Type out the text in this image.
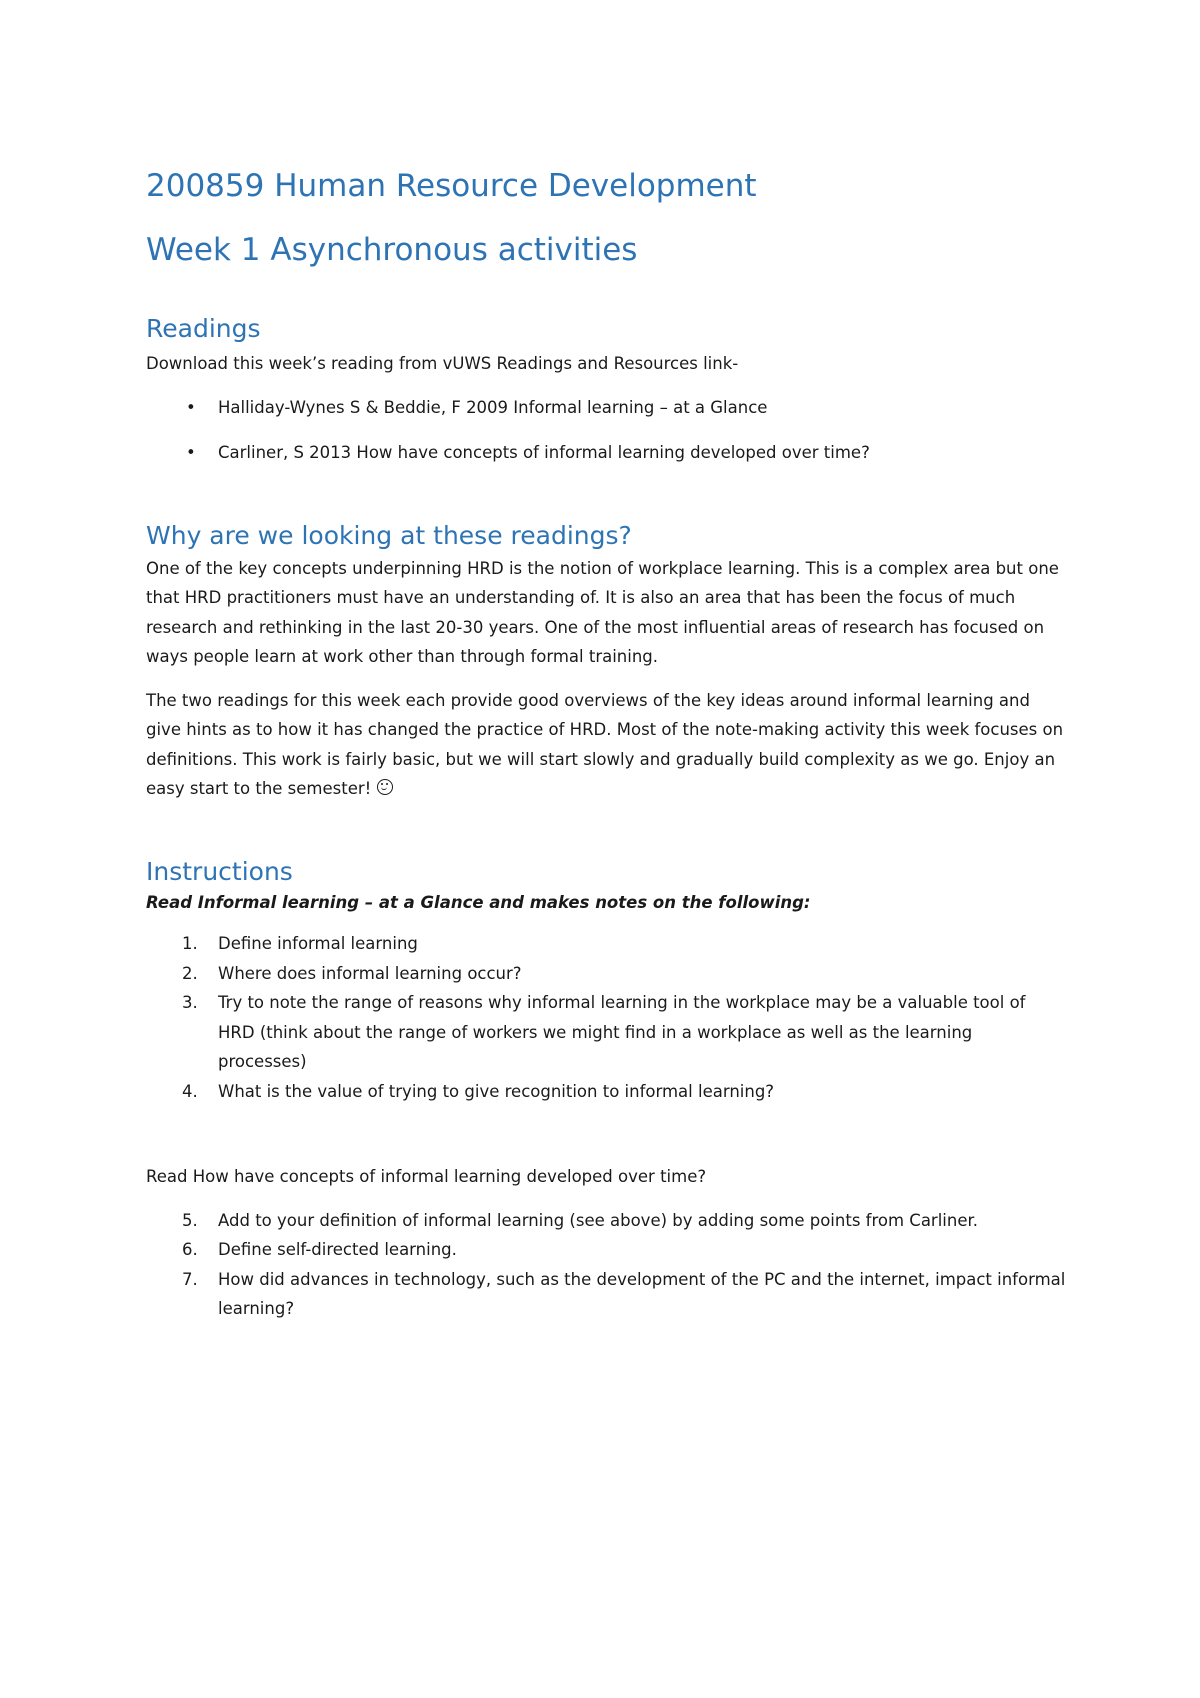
200859 Human Resource Development
Week 1 Asynchronous activities
Readings

Download this week’s reading from vUWS Readings and Resources link-

• Halliday-Wynes S & Beddie, F 2009 Informal learning – at a Glance
• Carliner, S 2013 How have concepts of informal learning developed over time?
Why are we looking at these readings?

One of the key concepts underpinning HRD is the notion of workplace learning. This is a complex area but one that HRD practitioners must have an understanding of. It is also an area that has been the focus of much research and rethinking in the last 20-30 years. One of the most influential areas of research has focused on ways people learn at work other than through formal training.

The two readings for this week each provide good overviews of the key ideas around informal learning and give hints as to how it has changed the practice of HRD. Most of the note-making activity this week focuses on definitions. This work is fairly basic, but we will start slowly and gradually build complexity as we go. Enjoy an easy start to the semester!

Instructions

Read Informal learning – at a Glance and makes notes on the following:

1. Define informal learning
2. Where does informal learning occur?
3. Try to note the range of reasons why informal learning in the workplace may be a valuable tool of HRD (think about the range of workers we might find in a workplace as well as the learning processes)
4. What is the value of trying to give recognition to informal learning?

Read How have concepts of informal learning developed over time?

5. Add to your definition of informal learning (see above) by adding some points from Carliner.
6. Define self-directed learning.
7. How did advances in technology, such as the development of the PC and the internet, impact informal learning?
